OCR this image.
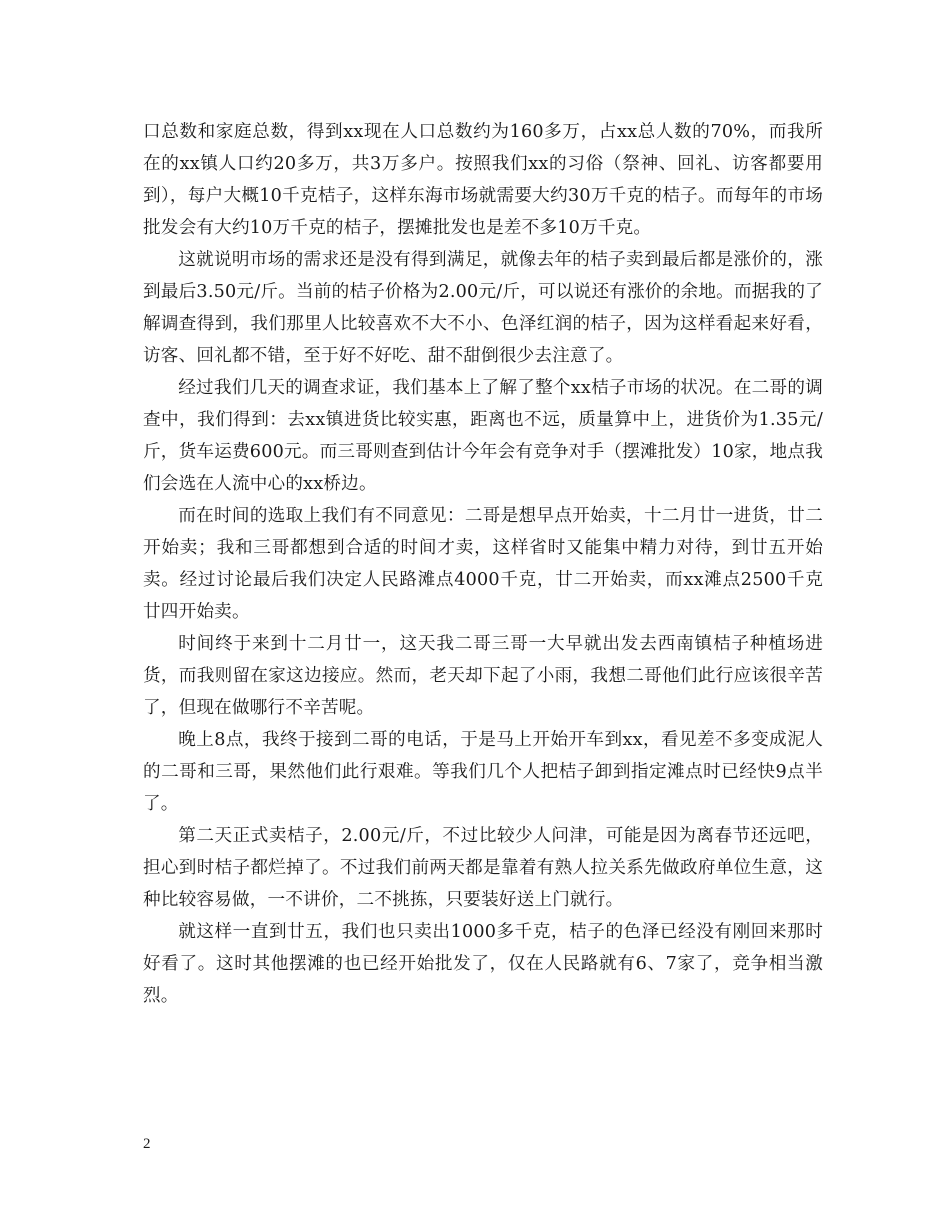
口总数和家庭总数，得到xx现在人口总数约为160多万，占xx总人数的70%，而我所在的xx镇人口约20多万，共3万多户。按照我们xx的习俗（祭神、回礼、访客都要用到），每户大概10千克桔子，这样东海市场就需要大约30万千克的桔子。而每年的市场批发会有大约10万千克的桔子，摆摊批发也是差不多10万千克。

这就说明市场的需求还是没有得到满足，就像去年的桔子卖到最后都是涨价的，涨到最后3.50元/斤。当前的桔子价格为2.00元/斤，可以说还有涨价的余地。而据我的了解调查得到，我们那里人比较喜欢不大不小、色泽红润的桔子，因为这样看起来好看，访客、回礼都不错，至于好不好吃、甜不甜倒很少去注意了。

经过我们几天的调查求证，我们基本上了解了整个xx桔子市场的状况。在二哥的调查中，我们得到：去xx镇进货比较实惠，距离也不远，质量算中上，进货价为1.35元/斤，货车运费600元。而三哥则查到估计今年会有竞争对手（摆滩批发）10家，地点我们会选在人流中心的xx桥边。

而在时间的选取上我们有不同意见：二哥是想早点开始卖，十二月廿一进货，廿二开始卖；我和三哥都想到合适的时间才卖，这样省时又能集中精力对待，到廿五开始卖。经过讨论最后我们决定人民路滩点4000千克，廿二开始卖，而xx滩点2500千克廿四开始卖。

时间终于来到十二月廿一，这天我二哥三哥一大早就出发去西南镇桔子种植场进货，而我则留在家这边接应。然而，老天却下起了小雨，我想二哥他们此行应该很辛苦了，但现在做哪行不辛苦呢。

晚上8点，我终于接到二哥的电话，于是马上开始开车到xx，看见差不多变成泥人的二哥和三哥，果然他们此行艰难。等我们几个人把桔子卸到指定滩点时已经快9点半了。

第二天正式卖桔子，2.00元/斤，不过比较少人问津，可能是因为离春节还远吧，担心到时桔子都烂掉了。不过我们前两天都是靠着有熟人拉关系先做政府单位生意，这种比较容易做，一不讲价，二不挑拣，只要装好送上门就行。

就这样一直到廿五，我们也只卖出1000多千克，桔子的色泽已经没有刚回来那时好看了。这时其他摆滩的也已经开始批发了，仅在人民路就有6、7家了，竞争相当激烈。

2
